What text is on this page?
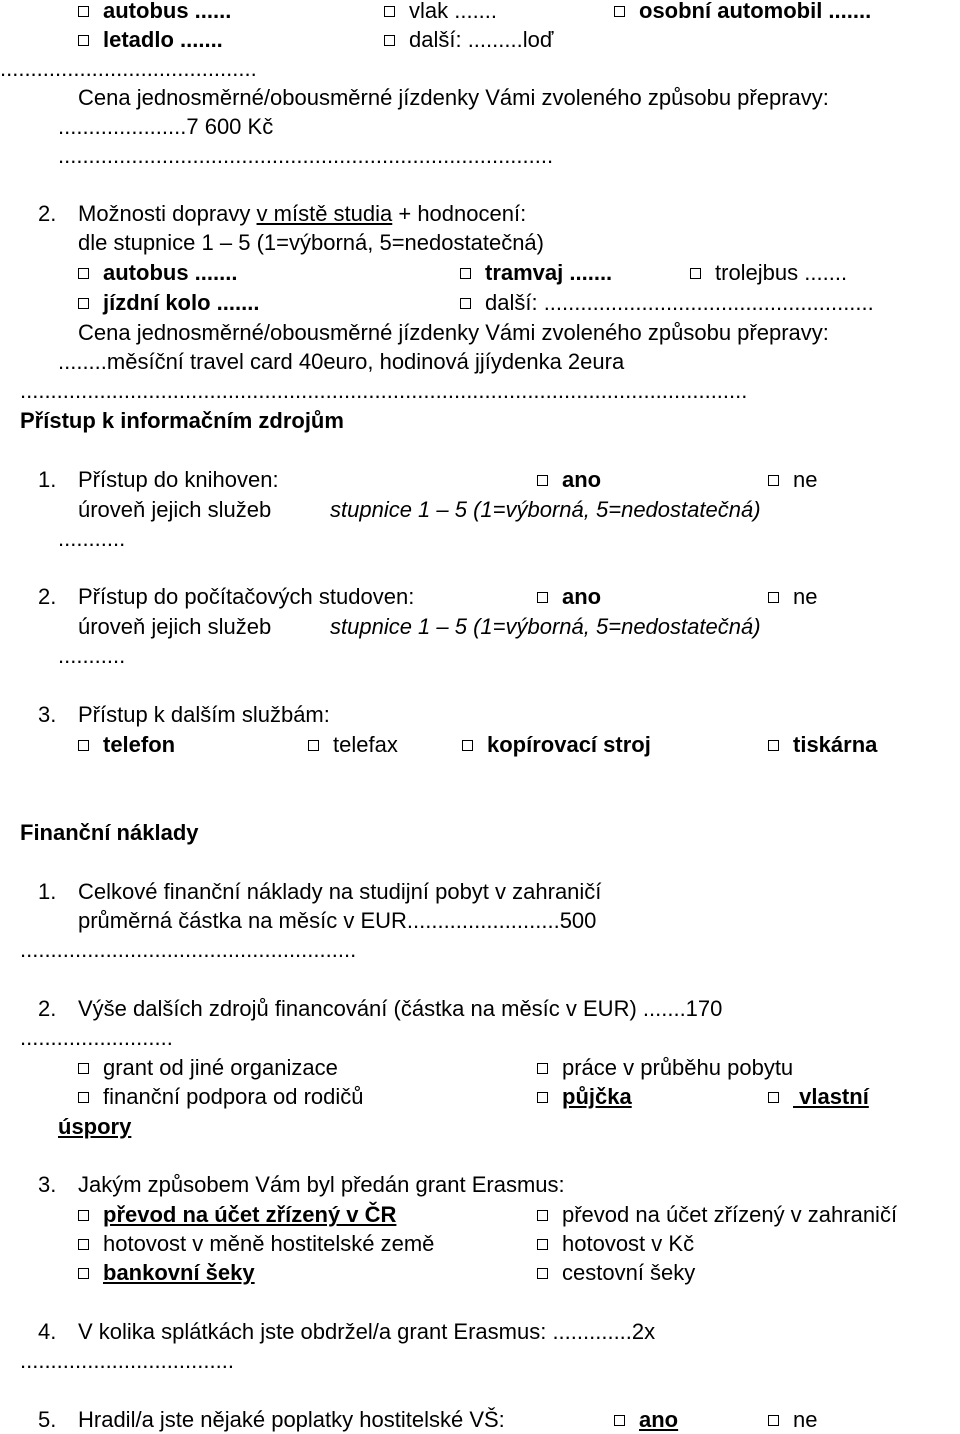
autobus ......	vlak .......	osobní automobil .......
letadlo .......	další: .........loď
..........................................
Cena jednosměrné/obousměrné jízdenky Vámi zvoleného způsobu přepravy:
.....................7 600 Kč
.................................................................................
2. Možnosti dopravy v místě studia + hodnocení:
dle stupnice 1 – 5 (1=výborná, 5=nedostatečná)
autobus .......	tramvaj .......	trolejbus .......
jízdní kolo .......	další: ......................................................
Cena jednosměrné/obousměrné jízdenky Vámi zvoleného způsobu přepravy:
........měsíční travel card 40euro, hodinová jjíydenka 2eura
.......................................................................................................................
Přístup k informačním zdrojům
1. Přístup do knihoven:	ano	ne
úroveň jejich služeb	stupnice 1 – 5 (1=výborná, 5=nedostatečná)
...........
2. Přístup do počítačových studoven:	ano	ne
úroveň jejich služeb	stupnice 1 – 5 (1=výborná, 5=nedostatečná)
...........
3. Přístup k dalším službám:
telefon	telefax	kopírovací stroj	tiskárna
Finanční náklady
1. Celkové finanční náklady na studijní pobyt v zahraničí
průměrná částka na měsíc v EUR.........................500
.......................................................
2. Výše dalších zdrojů financování (částka na měsíc v EUR) .......170
.........................
grant od jiné organizace	práce v průběhu pobytu
finanční podpora od rodičů	půjčka	vlastní
úspory
3. Jakým způsobem Vám byl předán grant Erasmus:
převod na účet zřízený v ČR	převod na účet zřízený v zahraničí
hotovost v měně hostitelské země	hotovost v Kč
bankovní šeky	cestovní šeky
4. V kolika splátkách jste obdržel/a grant Erasmus: .............2x
...................................
5. Hradil/a jste nějaké poplatky hostitelské VŠ:	ano	ne
